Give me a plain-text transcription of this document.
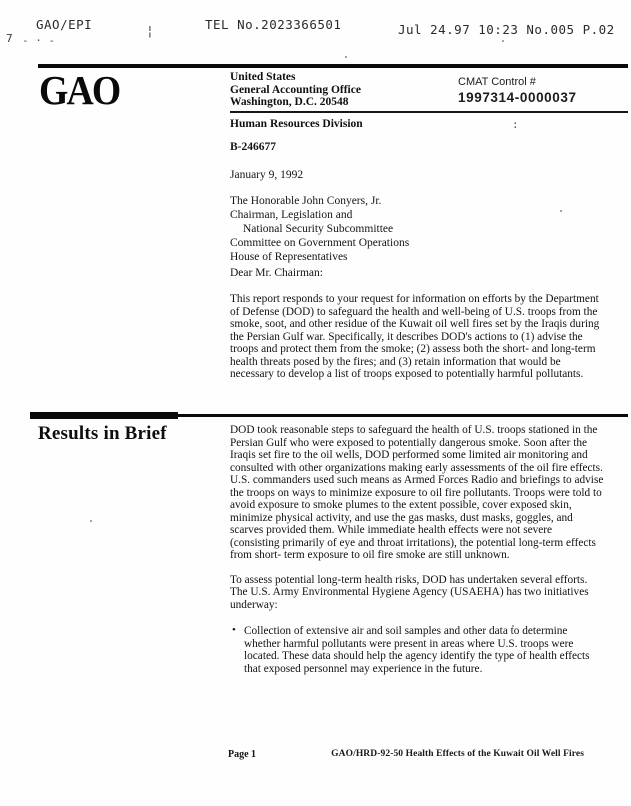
GAO/EPI	TEL No.2023366501	Jul 24.97 10:23 No.005 P.02
7 - · -
¦
:
GAO	United States
General Accounting Office
Washington, D.C. 20548
CMAT Control #
1997314-0000037
Human Resources Division
B-246677
January 9, 1992
The Honorable John Conyers, Jr.
Chairman, Legislation and
National Security Subcommittee
Committee on Government Operations
House of Representatives
Dear Mr. Chairman:
This report responds to your request for information on efforts by the Department of Defense (DOD) to safeguard the health and well-being of U.S. troops from the smoke, soot, and other residue of the Kuwait oil well fires set by the Iraqis during the Persian Gulf war. Specifically, it describes DOD's actions to (1) advise the troops and protect them from the smoke; (2) assess both the short- and long-term health threats posed by the fires; and (3) retain information that would be necessary to develop a list of troops exposed to potentially harmful pollutants.
Results in Brief	DOD took reasonable steps to safeguard the health of U.S. troops stationed in the Persian Gulf who were exposed to potentially dangerous smoke. Soon after the Iraqis set fire to the oil wells, DOD performed some limited air monitoring and consulted with other organizations making early assessments of the oil fire effects. U.S. commanders used such means as Armed Forces Radio and briefings to advise the troops on ways to minimize exposure to oil fire pollutants. Troops were told to avoid exposure to smoke plumes to the extent possible, cover exposed skin, minimize physical activity, and use the gas masks, dust masks, goggles, and scarves provided them. While immediate health effects were not severe (consisting primarily of eye and throat irritations), the potential long-term effects from short- term exposure to oil fire smoke are still unknown.

To assess potential long-term health risks, DOD has undertaken several efforts. The U.S. Army Environmental Hygiene Agency (USAEHA) has two initiatives underway:

• Collection of extensive air and soil samples and other data to determine whether harmful pollutants were present in areas where U.S. troops were located. These data should help the agency identify the type of health effects that exposed personnel may experience in the future.
Page 1	GAO/HRD-92-50 Health Effects of the Kuwait Oil Well Fires
